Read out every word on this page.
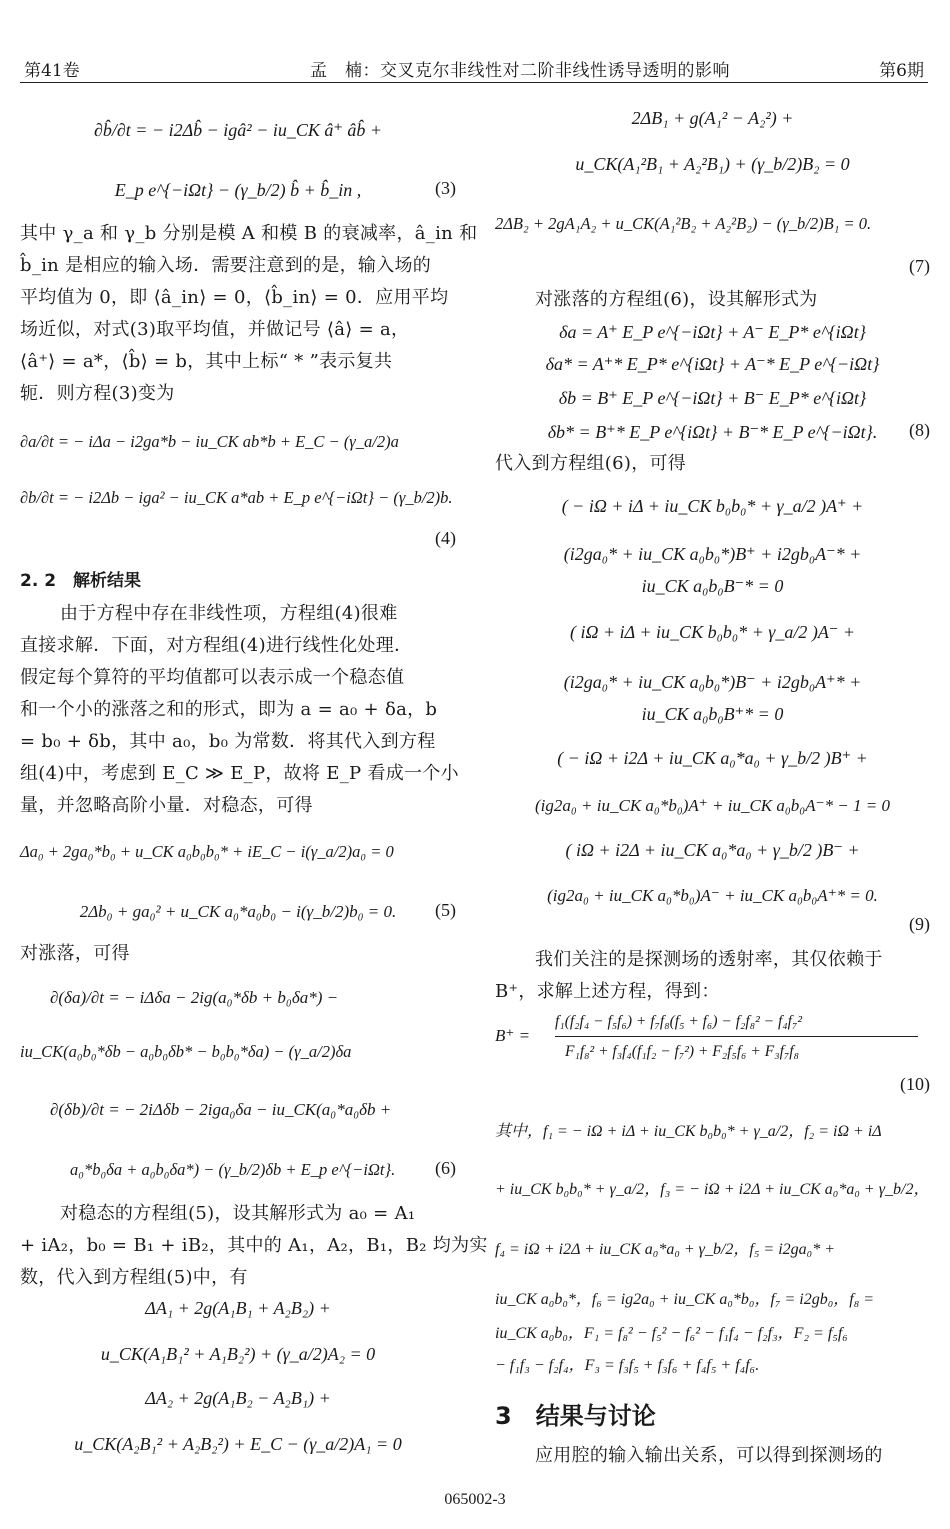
第41卷	孟　楠：交叉克尔非线性对二阶非线性诱导透明的影响	第6期
∂b̂/∂t = − i2Δb̂ − igâ² − iu_CK â⁺ âb̂ +
E_p e^{−iΩt} − (γ_b/2) b̂ + b̂_in ,	(3)
其中 γ_a 和 γ_b 分别是模 A 和模 B 的衰减率，â_in 和
b̂_in 是相应的输入场．需要注意到的是，输入场的
平均值为 0，即 ⟨â_in⟩ = 0，⟨b̂_in⟩ = 0．应用平均
场近似，对式(3)取平均值，并做记号 ⟨â⟩ = a，
⟨â⁺⟩ = a*，⟨b̂⟩ = b，其中上标“ * ”表示复共
轭．则方程(3)变为
∂a/∂t = − iΔa − i2ga*b − iu_CK ab*b + E_C − (γ_a/2)a
∂b/∂t = − i2Δb − iga² − iu_CK a*ab + E_p e^{−iΩt} − (γ_b/2)b.
(4)
2. 2　解析结果
由于方程中存在非线性项，方程组(4)很难
直接求解．下面，对方程组(4)进行线性化处理．
假定每个算符的平均值都可以表示成一个稳态值
和一个小的涨落之和的形式，即为 a = a₀ + δa，b
= b₀ + δb，其中 a₀，b₀ 为常数．将其代入到方程
组(4)中，考虑到 E_C ≫ E_P，故将 E_P 看成一个小
量，并忽略高阶小量．对稳态，可得
Δa₀ + 2ga₀*b₀ + u_CK a₀b₀b₀* + iE_C − i(γ_a/2)a₀ = 0
2Δb₀ + ga₀² + u_CK a₀*a₀b₀ − i(γ_b/2)b₀ = 0.	(5)
对涨落，可得
∂(δa)/∂t = − iΔδa − 2ig(a₀*δb + b₀δa*) −
iu_CK(a₀b₀*δb − a₀b₀δb* − b₀b₀*δa) − (γ_a/2)δa
∂(δb)/∂t = − 2iΔδb − 2iga₀δa − iu_CK(a₀*a₀δb +
a₀*b₀δa + a₀b₀δa*) − (γ_b/2)δb + E_p e^{−iΩt}.	(6)
对稳态的方程组(5)，设其解形式为 a₀ = A₁
+ iA₂，b₀ = B₁ + iB₂，其中的 A₁，A₂，B₁，B₂ 均为实
数，代入到方程组(5)中，有
ΔA₁ + 2g(A₁B₁ + A₂B₂) +
u_CK(A₁B₁² + A₁B₂²) + (γ_a/2)A₂ = 0
ΔA₂ + 2g(A₁B₂ − A₂B₁) +
u_CK(A₂B₁² + A₂B₂²) + E_C − (γ_a/2)A₁ = 0
2ΔB₁ + g(A₁² − A₂²) +
u_CK(A₁²B₁ + A₂²B₁) + (γ_b/2)B₂ = 0
2ΔB₂ + 2gA₁A₂ + u_CK(A₁²B₂ + A₂²B₂) − (γ_b/2)B₁ = 0.
(7)
对涨落的方程组(6)，设其解形式为
δa = A⁺ E_P e^{−iΩt} + A⁻ E_P* e^{iΩt}
δa* = A⁺* E_P* e^{iΩt} + A⁻* E_P e^{−iΩt}
δb = B⁺ E_P e^{−iΩt} + B⁻ E_P* e^{iΩt}
δb* = B⁺* E_P e^{iΩt} + B⁻* E_P e^{−iΩt}.	(8)
代入到方程组(6)，可得
( − iΩ + iΔ + iu_CK b₀b₀* + γ_a/2 )A⁺ +
(i2ga₀* + iu_CK a₀b₀*)B⁺ + i2gb₀A⁻* +
iu_CK a₀b₀B⁻* = 0
( iΩ + iΔ + iu_CK b₀b₀* + γ_a/2 )A⁻ +
(i2ga₀* + iu_CK a₀b₀*)B⁻ + i2gb₀A⁺* +
iu_CK a₀b₀B⁺* = 0
( − iΩ + i2Δ + iu_CK a₀*a₀ + γ_b/2 )B⁺ +
(ig2a₀ + iu_CK a₀*b₀)A⁺ + iu_CK a₀b₀A⁻* − 1 = 0
( iΩ + i2Δ + iu_CK a₀*a₀ + γ_b/2 )B⁻ +
(ig2a₀ + iu_CK a₀*b₀)A⁻ + iu_CK a₀b₀A⁺* = 0.
(9)
我们关注的是探测场的透射率，其仅依赖于
B⁺，求解上述方程，得到：
f₁(f₂f₄ − f₅f₆) + f₇f₈(f₅ + f₆) − f₂f₈² − f₄f₇²
B⁺ =
F₁f₈² + f₃f₄(f₁f₂ − f₇²) + F₂f₅f₆ + F₃f₇f₈
(10)
其中，f₁ = − iΩ + iΔ + iu_CK b₀b₀* + γ_a/2，f₂ = iΩ + iΔ
+ iu_CK b₀b₀* + γ_a/2，f₃ = − iΩ + i2Δ + iu_CK a₀*a₀ + γ_b/2，
f₄ = iΩ + i2Δ + iu_CK a₀*a₀ + γ_b/2，f₅ = i2ga₀* +
iu_CK a₀b₀*，f₆ = ig2a₀ + iu_CK a₀*b₀，f₇ = i2gb₀，f₈ =
iu_CK a₀b₀，F₁ = f₈² − f₅² − f₆² − f₁f₄ − f₂f₃，F₂ = f₅f₆
− f₁f₃ − f₂f₄，F₃ = f₃f₅ + f₃f₆ + f₄f₅ + f₄f₆.
3　结果与讨论
应用腔的输入输出关系，可以得到探测场的
065002-3
